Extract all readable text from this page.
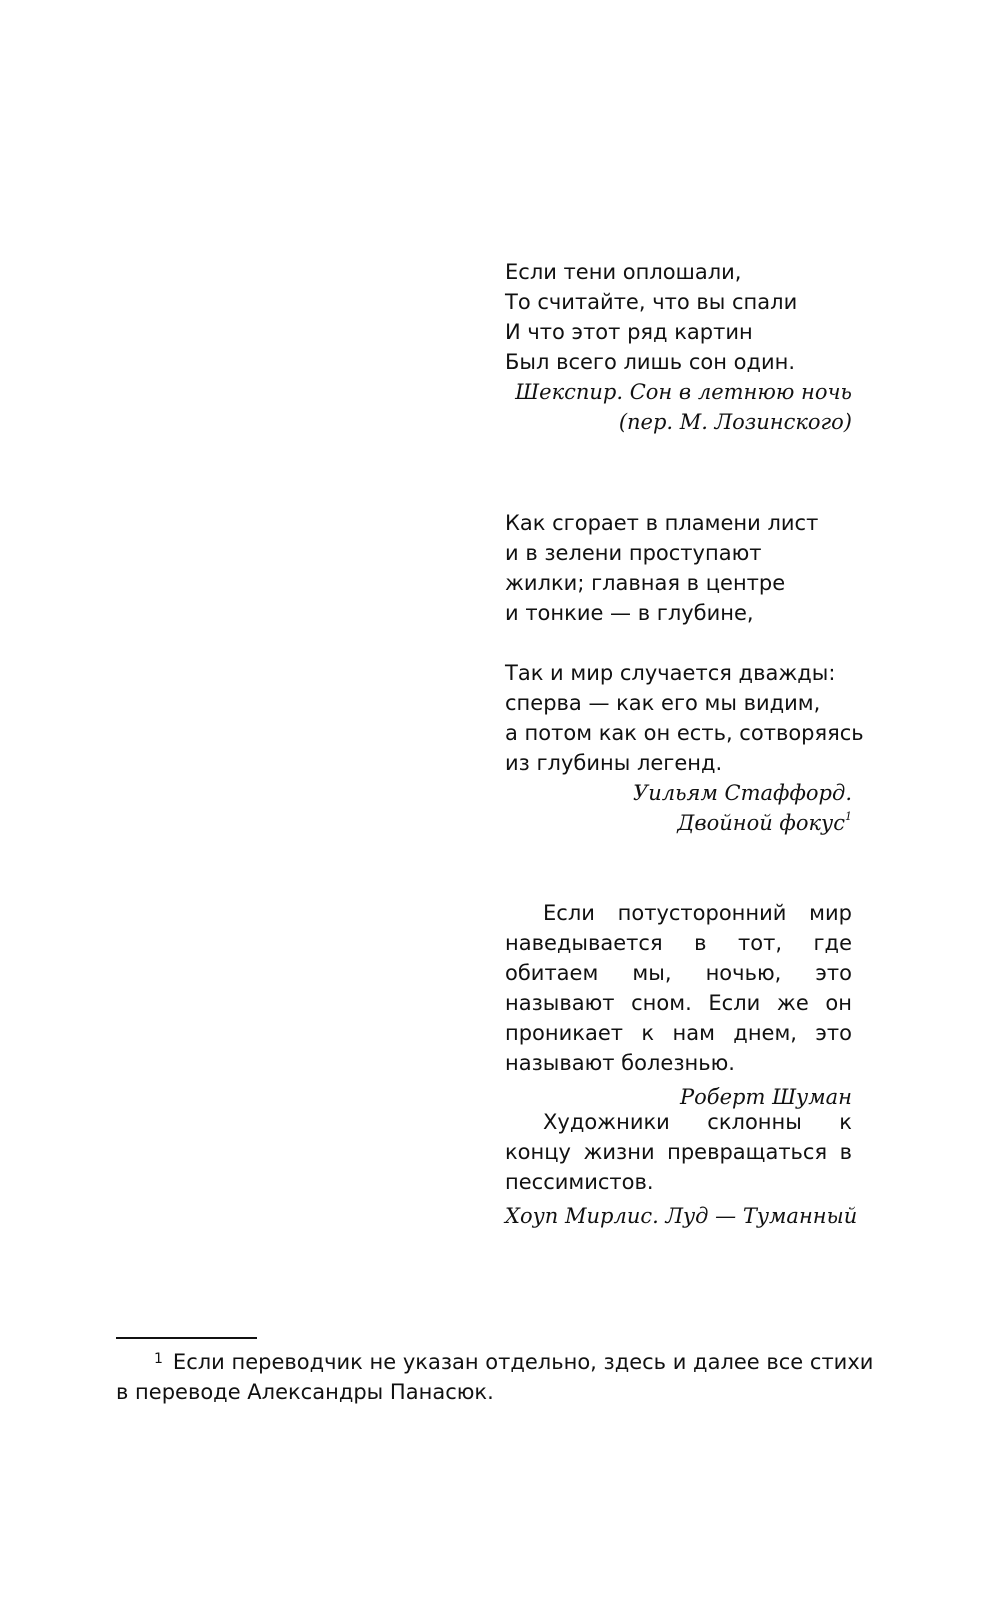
Если тени оплошали,
То считайте, что вы спали
И что этот ряд картин
Был всего лишь сон один.
Шекспир. Сон в летнюю ночь
(пер. М. Лозинского)
Как сгорает в пламени лист
и в зелени проступают
жилки; главная в центре
и тонкие — в глубине,
Так и мир случается дважды:
сперва — как его мы видим,
а потом как он есть, сотворяясь
из глубины легенд.
Уильям Стаффорд.
Двойной фокус$^1$

Если потусторонний мир наведывается в тот, где обитаем мы, ночью, это называют сном. Если же он проникает к нам днем, это называют болезнью.

Роберт Шуман

Художники склонны к концу жизни превращаться в пессимистов.

Хоуп Мирлис. Луд — Туманный
$^1$ Если переводчик не указан отдельно, здесь и далее все стихи
в переводе Александры Панасюк.
